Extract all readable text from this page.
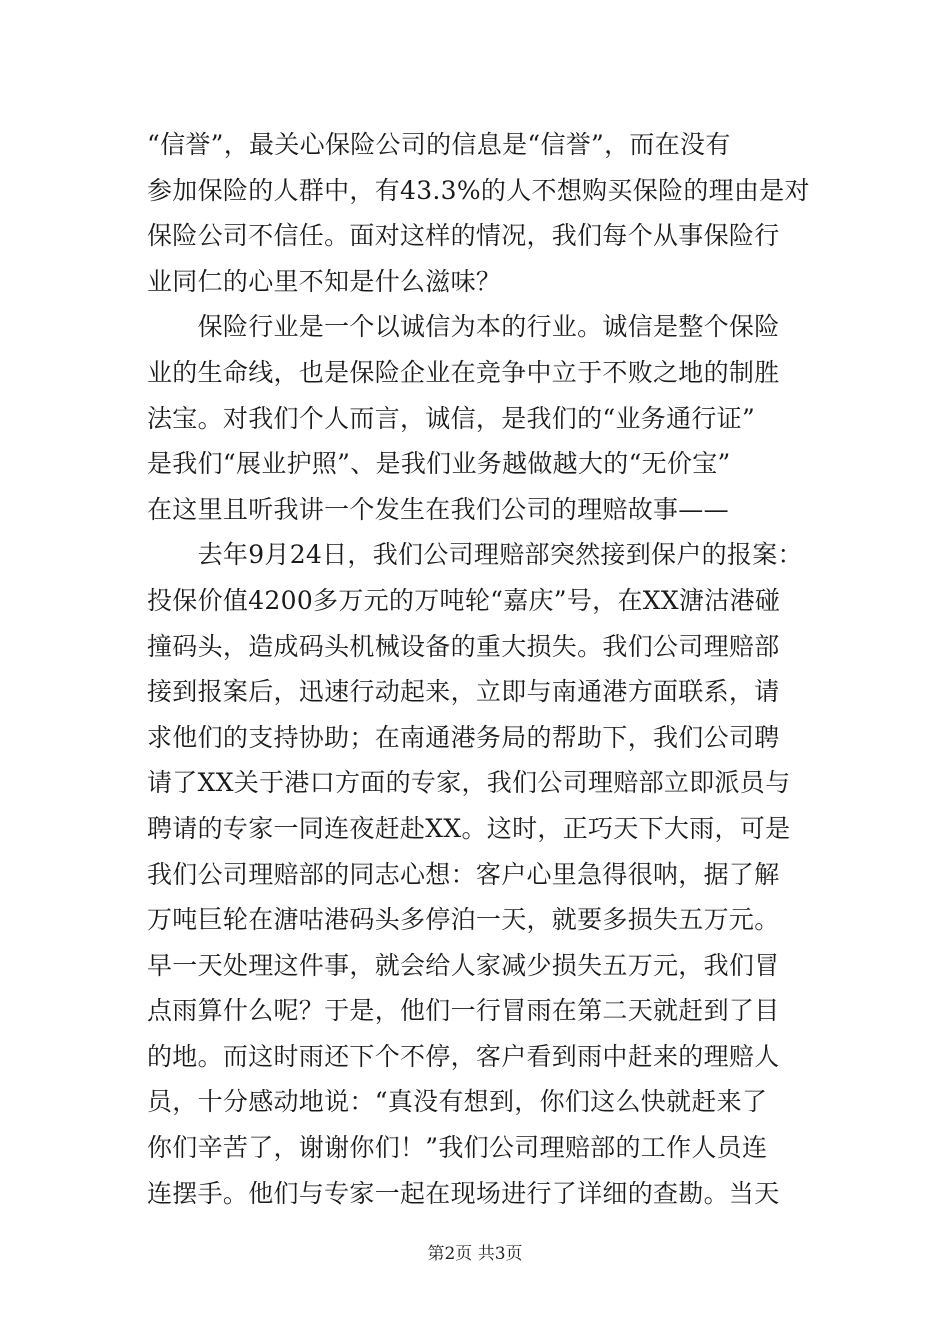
“信誉”，最关心保险公司的信息是“信誉”，而在没有
参加保险的人群中，有43.3%的人不想购买保险的理由是对
保险公司不信任。面对这样的情况，我们每个从事保险行
业同仁的心里不知是什么滋味？
　　保险行业是一个以诚信为本的行业。诚信是整个保险
业的生命线，也是保险企业在竞争中立于不败之地的制胜
法宝。对我们个人而言，诚信，是我们的“业务通行证”
是我们“展业护照”、是我们业务越做越大的“无价宝”
在这里且听我讲一个发生在我们公司的理赔故事——
　　去年9月24日，我们公司理赔部突然接到保户的报案：
投保价值4200多万元的万吨轮“嘉庆”号，在XX溏沽港碰
撞码头，造成码头机械设备的重大损失。我们公司理赔部
接到报案后，迅速行动起来，立即与南通港方面联系，请
求他们的支持协助；在南通港务局的帮助下，我们公司聘
请了XX关于港口方面的专家，我们公司理赔部立即派员与
聘请的专家一同连夜赶赴XX。这时，正巧天下大雨，可是
我们公司理赔部的同志心想：客户心里急得很呐，据了解
万吨巨轮在溏咕港码头多停泊一天，就要多损失五万元。
早一天处理这件事，就会给人家减少损失五万元，我们冒
点雨算什么呢？于是，他们一行冒雨在第二天就赶到了目
的地。而这时雨还下个不停，客户看到雨中赶来的理赔人
员，十分感动地说：“真没有想到，你们这么快就赶来了
你们辛苦了，谢谢你们！”我们公司理赔部的工作人员连
连摆手。他们与专家一起在现场进行了详细的查勘。当天
第2页 共3页
